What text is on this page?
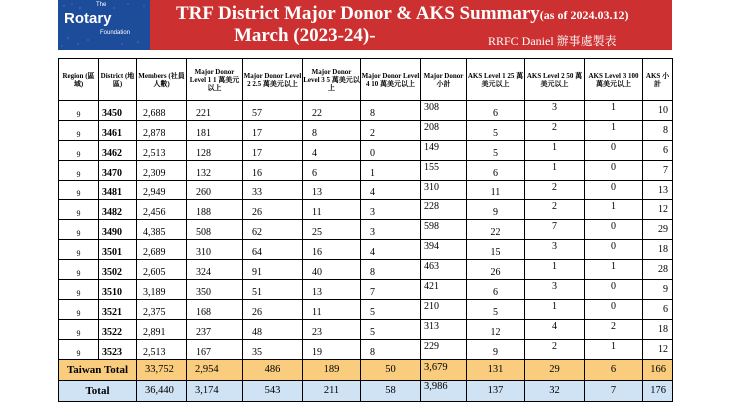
The
Rotary
Foundation
TRF District Major Donor & AKS Summary(as of 2024.03.12)
March (2023-24)-	RRFC Daniel 辦事處製表
Region (區域)	District (地區)	Members (社員人數)	Major Donor Level 1 1 萬美元以上	Major Donor Level 2 2.5 萬美元以上	Major Donor Level 3 5 萬美元以上	Major Donor Level 4 10 萬美元以上	Major Donor 小計	AKS Level 1 25 萬美元以上	AKS Level 2 50 萬美元以上	AKS Level 3 100 萬美元以上	AKS 小計
9	3450	2,688	221	57	22	8	308	6	3	1	10
9	3461	2,878	181	17	8	2	208	5	2	1	8
9	3462	2,513	128	17	4	0	149	5	1	0	6
9	3470	2,309	132	16	6	1	155	6	1	0	7
9	3481	2,949	260	33	13	4	310	11	2	0	13
9	3482	2,456	188	26	11	3	228	9	2	1	12
9	3490	4,385	508	62	25	3	598	22	7	0	29
9	3501	2,689	310	64	16	4	394	15	3	0	18
9	3502	2,605	324	91	40	8	463	26	1	1	28
9	3510	3,189	350	51	13	7	421	6	3	0	9
9	3521	2,375	168	26	11	5	210	5	1	0	6
9	3522	2,891	237	48	23	5	313	12	4	2	18
9	3523	2,513	167	35	19	8	229	9	2	1	12
Taiwan Total		33,752	2,954	486	189	50	3,679	131	29	6	166
Total		36,440	3,174	543	211	58	3,986	137	32	7	176
